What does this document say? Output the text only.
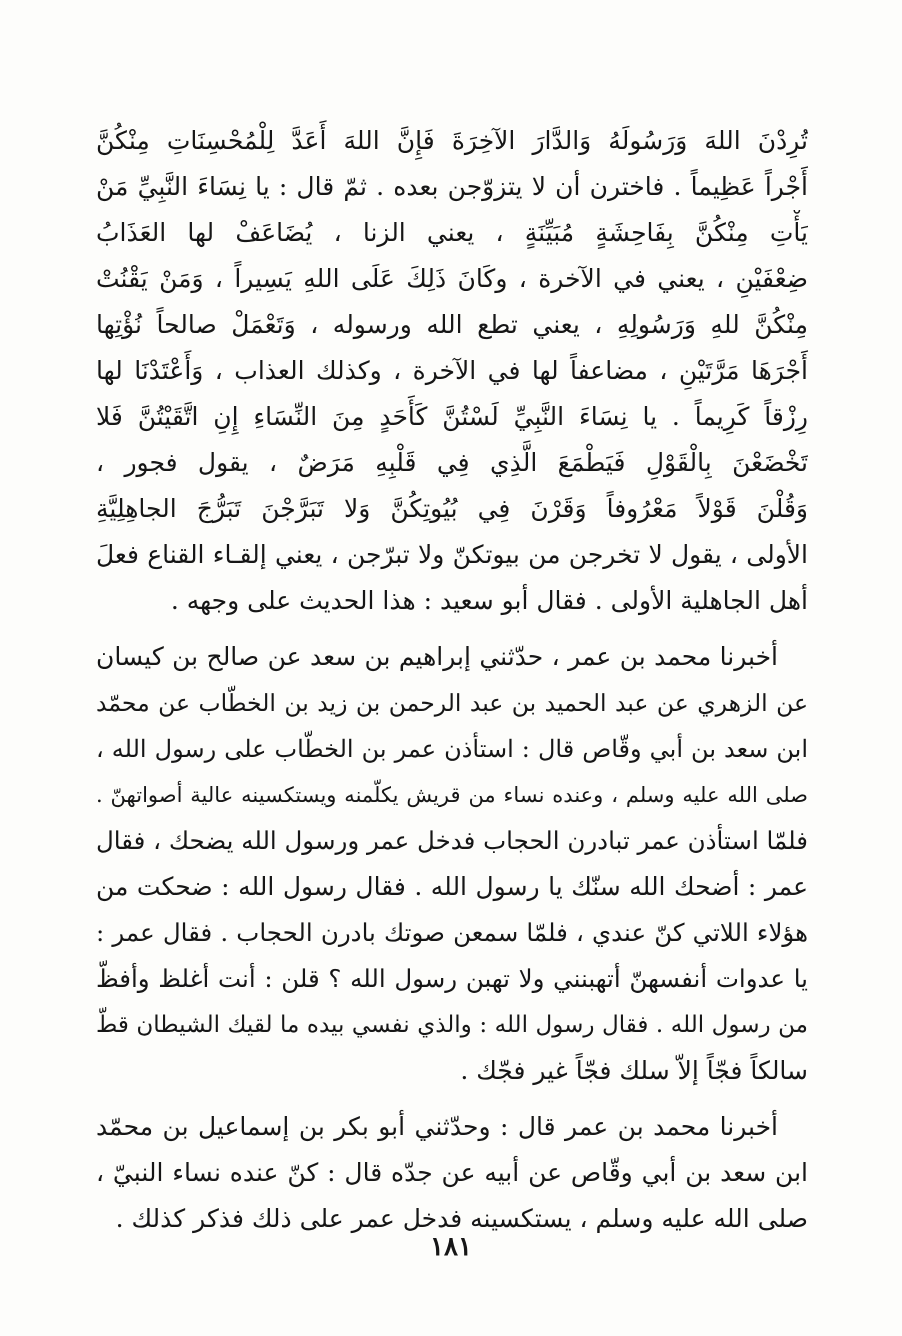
تُرِدْنَ اللهَ وَرَسُولَهُ وَالدَّارَ الآخِرَةَ فَإِنَّ اللهَ أَعَدَّ لِلْمُحْسِنَاتِ مِنْكُنَّ
أَجْراً عَظِيماً . فاخترن أن لا يتزوّجن بعده . ثمّ قال : يا نِسَاءَ النَّبِيِّ مَنْ
يَأْتِ مِنْكُنَّ بِفَاحِشَةٍ مُبَيِّنَةٍ ، يعني الزنا ، يُضَاعَفْ لها العَذَابُ
ضِعْفَيْنِ ، يعني في الآخرة ، وكَانَ ذَلِكَ عَلَى اللهِ يَسِيراً ، وَمَنْ يَقْنُتْ
مِنْكُنَّ للهِ وَرَسُولِهِ ، يعني تطع الله ورسوله ، وَتَعْمَلْ صالحاً نُؤْتِها
أَجْرَهَا مَرَّتَيْنِ ، مضاعفاً لها في الآخرة ، وكذلك العذاب ، وَأَعْتَدْنَا لها
رِزْقاً كَرِيماً . يا نِسَاءَ النَّبِيِّ لَسْتُنَّ كَأَحَدٍ مِنَ النِّسَاءِ إِنِ اتَّقَيْتُنَّ فَلا
تَخْضَعْنَ بِالْقَوْلِ فَيَطْمَعَ الَّذِي فِي قَلْبِهِ مَرَضٌ ، يقول فجور ،
وَقُلْنَ قَوْلاً مَعْرُوفاً وَقَرْنَ فِي بُيُوتِكُنَّ وَلا تَبَرَّجْنَ تَبَرُّجَ الجاهِلِيَّةِ
الأولى ، يقول لا تخرجن من بيوتكنّ ولا تبرّجن ، يعني إلقـاء القناع فعلَ
أهل الجاهلية الأولى . فقال أبو سعيد : هذا الحديث على وجهه .
أخبرنا محمد بن عمر ، حدّثني إبراهيم بن سعد عن صالح بن كيسان
عن الزهري عن عبد الحميد بن عبد الرحمن بن زيد بن الخطّاب عن محمّد
ابن سعد بن أبي وقّاص قال : استأذن عمر بن الخطّاب على رسول الله ،
صلى الله عليه وسلم ، وعنده نساء من قريش يكلّمنه ويستكسينه عالية أصواتهنّ .
فلمّا استأذن عمر تبادرن الحجاب فدخل عمر ورسول الله يضحك ، فقال
عمر : أضحك الله سنّك يا رسول الله . فقال رسول الله : ضحكت من
هؤلاء اللاتي كنّ عندي ، فلمّا سمعن صوتك بادرن الحجاب . فقال عمر :
يا عدوات أنفسهنّ أتهبنني ولا تهبن رسول الله ؟ قلن : أنت أغلظ وأفظّ
من رسول الله . فقال رسول الله : والذي نفسي بيده ما لقيك الشيطان قطّ
سالكاً فجّاً إلاّ سلك فجّاً غير فجّك .
أخبرنا محمد بن عمر قال : وحدّثني أبو بكر بن إسماعيل بن محمّد
ابن سعد بن أبي وقّاص عن أبيه عن جدّه قال : كنّ عنده نساء النبيّ ،
صلى الله عليه وسلم ، يستكسينه فدخل عمر على ذلك فذكر كذلك .
١٨١
